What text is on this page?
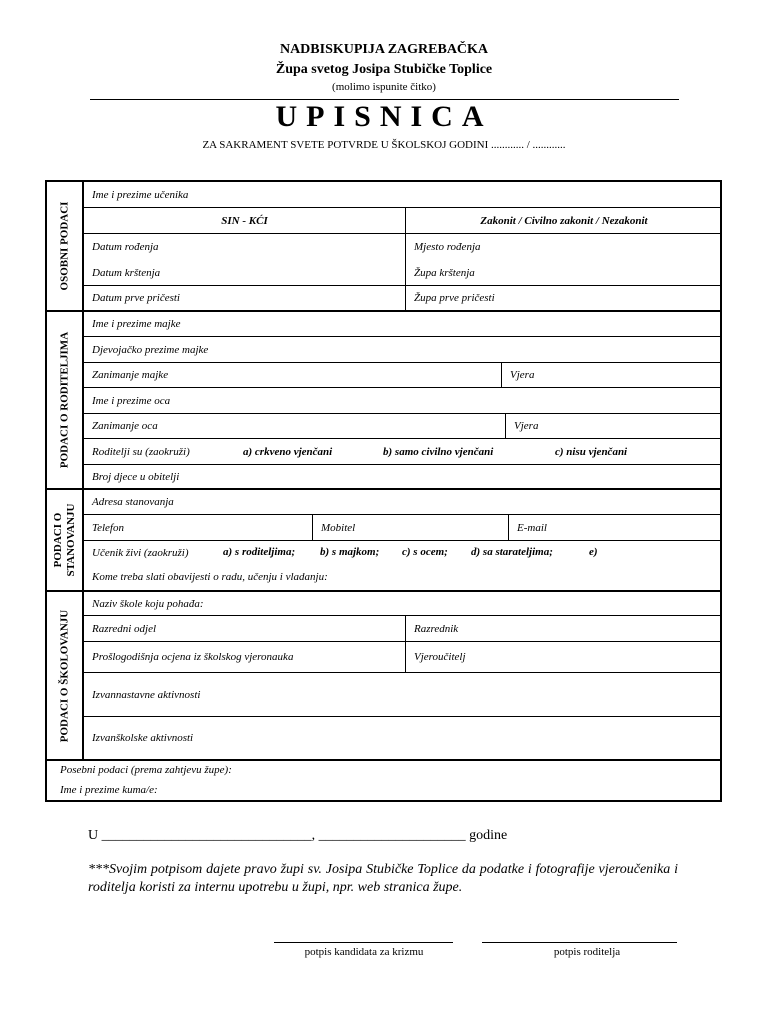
NADBISKUPIJA ZAGREBAČKA
Župa svetog Josipa Stubičke Toplice
(molimo ispunite čitko)
UPISNICA
ZA SAKRAMENT SVETE POTVRDE U ŠKOLSKOJ GODINI ............ / ............
OSOBNI PODACI
Ime i prezime učenika
SIN - KĆI	Zakonit / Civilno zakonit / Nezakonit
Datum rođenja	Mjesto rođenja
Datum krštenja	Župa krštenja
Datum prve pričesti	Župa prve pričesti
PODACI O RODITELJIMA
Ime i prezime majke
Djevojačko prezime majke
Zanimanje majke	Vjera
Ime i prezime oca
Zanimanje oca	Vjera
Roditelji su (zaokruži)	a) crkveno vjenčani	b) samo civilno vjenčani	c) nisu vjenčani
Broj djece u obitelji
PODACI O
STANOVANJU
Adresa stanovanja
Telefon	Mobitel	E-mail
Učenik živi (zaokruži)	a) s roditeljima; b) s majkom; c) s ocem; d) sa starateljima;	e)
Kome treba slati obavijesti o radu, učenju i vladanju:
PODACI O ŠKOLOVANJU
Naziv škole koju pohađa:
Razredni odjel	Razrednik
Prošlogodišnja ocjena iz školskog vjeronauka	Vjeroučitelj
Izvannastavne aktivnosti
Izvanškolske aktivnosti
Posebni podaci (prema zahtjevu župe):
Ime i prezime kuma/e:
U ______________________________, _____________________ godine
***Svojim potpisom dajete pravo župi sv. Josipa Stubičke Toplice da podatke i fotografije vjeroučenika i roditelja koristi za internu upotrebu u župi, npr. web stranica župe.
potpis kandidata za krizmu	potpis roditelja
